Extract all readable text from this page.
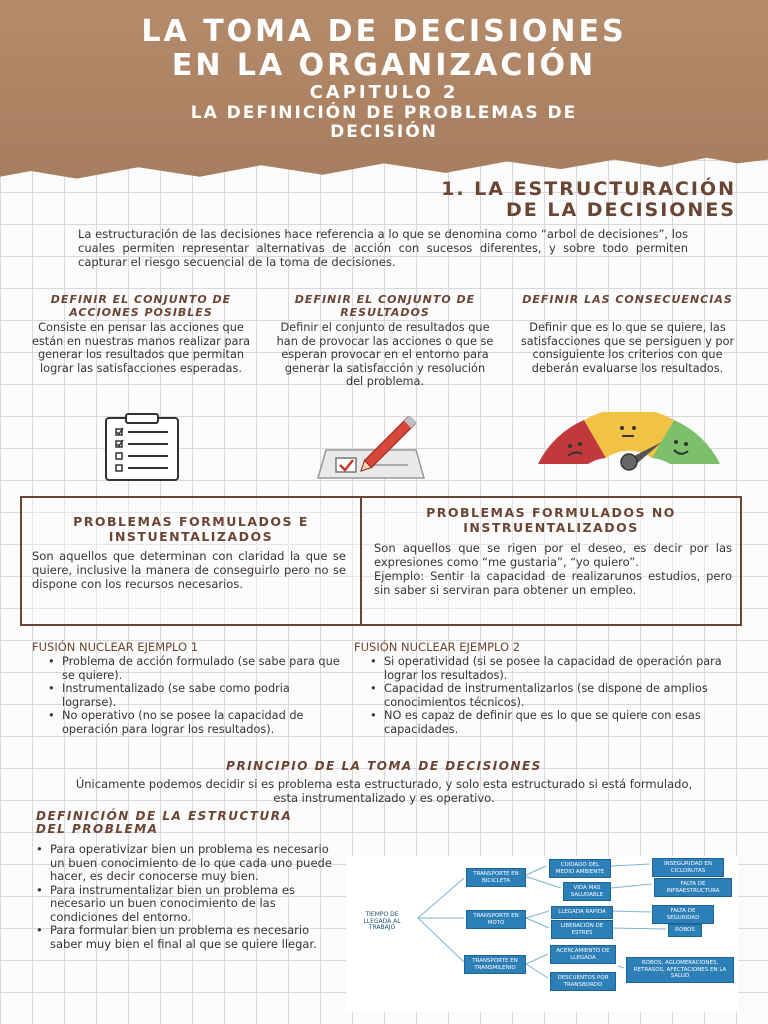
LA TOMA DE DECISIONES
EN LA ORGANIZACIÓN
CAPITULO 2
LA DEFINICIÓN DE PROBLEMAS DE
DECISIÓN
1. LA ESTRUCTURACIÓN
DE LA DECISIONES
La estructuración de las decisiones hace referencia a lo que se denomina como “arbol de decisiones”, los cuales permiten representar alternativas de acción con sucesos diferentes, y sobre todo permiten capturar el riesgo secuencial de la toma de decisiones.
DEFINIR EL CONJUNTO DE ACCIONES POSIBLES
Consiste en pensar las acciones que están en nuestras manos realizar para generar los resultados que permitan lograr las satisfacciones esperadas.
DEFINIR EL CONJUNTO DE RESULTADOS
Definir el conjunto de resultados que han de provocar las acciones o que se esperan provocar en el entorno para generar la satisfacción y resolución del problema.
DEFINIR LAS CONSECUENCIAS
Definir que es lo que se quiere, las satisfacciones que se persiguen y por consiguiente los criterios con que deberán evaluarse los resultados.
PROBLEMAS FORMULADOS E INSTUENTALIZADOS
Son aquellos que determinan con claridad la que se quiere, inclusive la manera de conseguirlo pero no se dispone con los recursos necesarios.
PROBLEMAS FORMULADOS NO INSTRUENTALIZADOS
Son aquellos que se rigen por el deseo, es decir por las expresiones como “me gustaria”, “yo quiero”.
Ejemplo: Sentir la capacidad de realizarunos estudios, pero sin saber si serviran para obtener un empleo.
FUSIÓN NUCLEAR EJEMPLO 1
• Problema de acción formulado (se sabe para que se quiere).
• Instrumentalizado (se sabe como podria lograrse).
• No operativo (no se posee la capacidad de operación para lograr los resultados).
FUSIÓN NUCLEAR EJEMPLO 2
• Si operatividad (si se posee la capacidad de operación para lograr los resultados).
• Capacidad de instrumentalizarlos (se dispone de amplios conocimientos técnicos).
• NO es capaz de definir que es lo que se quiere con esas capacidades.
PRINCIPIO DE LA TOMA DE DECISIONES
Únicamente podemos decidir si es problema esta estructurado, y solo esta estructurado si está formulado, esta instrumentalizado y es operativo.
DEFINICIÓN DE LA ESTRUCTURA
DEL PROBLEMA
• Para operativizar bien un problema es necesario un buen conocimiento de lo que cada uno puede hacer, es decir conocerse muy bien.
• Para instrumentalizar bien un problema es necesario un buen conocimiento de las condiciones del entorno.
• Para formular bien un problema es necesario saber muy bien el final al que se quiere llegar.
TIEMPO DE LLEGADA AL TRABAJO
TRANSPORTE EN BICICLETA
TRANSPORTE EN MOTO
TRANSPORTE EN TRANSMILENIO
CUIDADO DEL MEDIO AMBIENTE
VIDA MAS SALUDABLE
LLEGADA RAPIDA
LIBERACIÓN DE ESTRES
ACERCAMIENTO DE LLEGADA
DESCUENTOS POR TRANSBORDO
INSEGURIDAD EN CICLORUTAS
FALTA DE INFRAESTRUCTURA
FALTA DE SEGURIDAD
ROBOS
ROBOS, AGLOMERACIONES, RETRASOS, AFECTACIONES EN LA SALUD
